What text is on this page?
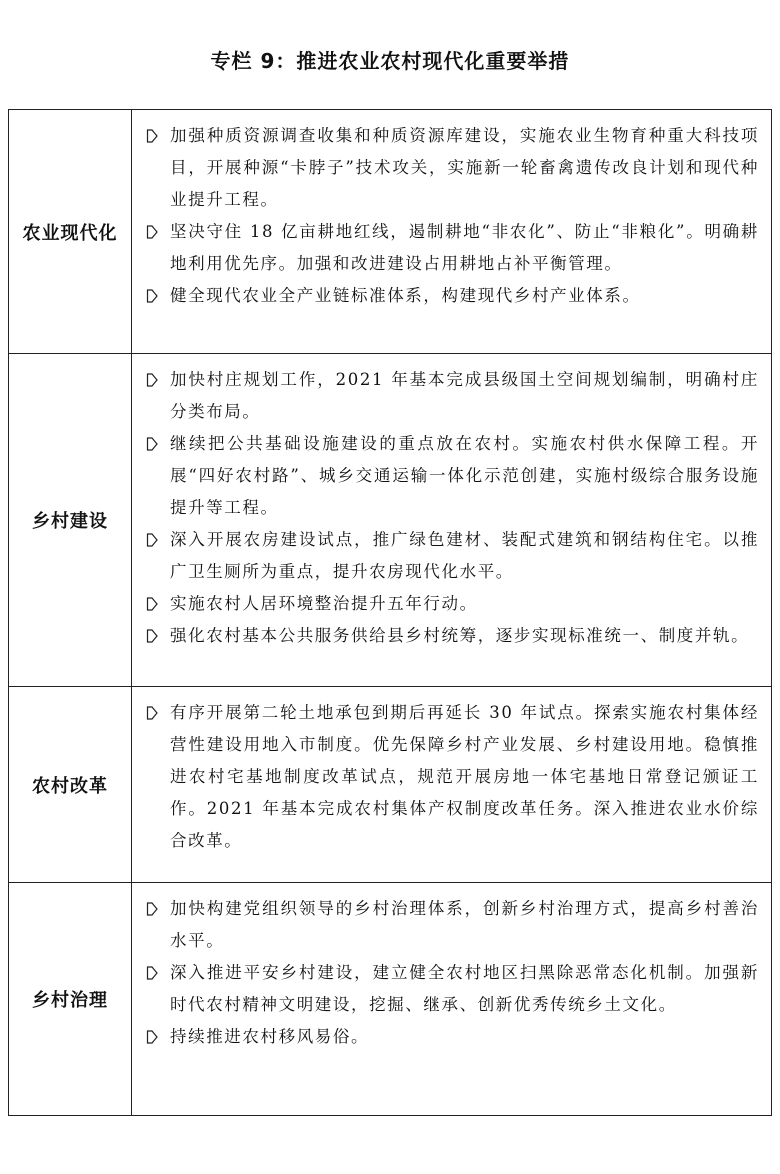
专栏 9：推进农业农村现代化重要举措
农业现代化	加强种质资源调查收集和种质资源库建设，实施农业生物育种重大科技项目，开展种源“卡脖子”技术攻关，实施新一轮畜禽遗传改良计划和现代种业提升工程。
坚决守住 18 亿亩耕地红线，遏制耕地“非农化”、防止“非粮化”。明确耕地利用优先序。加强和改进建设占用耕地占补平衡管理。
健全现代农业全产业链标准体系，构建现代乡村产业体系。

乡村建设	加快村庄规划工作，2021 年基本完成县级国土空间规划编制，明确村庄分类布局。
继续把公共基础设施建设的重点放在农村。实施农村供水保障工程。开展“四好农村路”、城乡交通运输一体化示范创建，实施村级综合服务设施提升等工程。
深入开展农房建设试点，推广绿色建材、装配式建筑和钢结构住宅。以推广卫生厕所为重点，提升农房现代化水平。
实施农村人居环境整治提升五年行动。
强化农村基本公共服务供给县乡村统筹，逐步实现标准统一、制度并轨。

农村改革	有序开展第二轮土地承包到期后再延长 30 年试点。探索实施农村集体经营性建设用地入市制度。优先保障乡村产业发展、乡村建设用地。稳慎推进农村宅基地制度改革试点，规范开展房地一体宅基地日常登记颁证工作。2021 年基本完成农村集体产权制度改革任务。深入推进农业水价综合改革。

乡村治理	加快构建党组织领导的乡村治理体系，创新乡村治理方式，提高乡村善治水平。
深入推进平安乡村建设，建立健全农村地区扫黑除恶常态化机制。加强新时代农村精神文明建设，挖掘、继承、创新优秀传统乡土文化。
持续推进农村移风易俗。
